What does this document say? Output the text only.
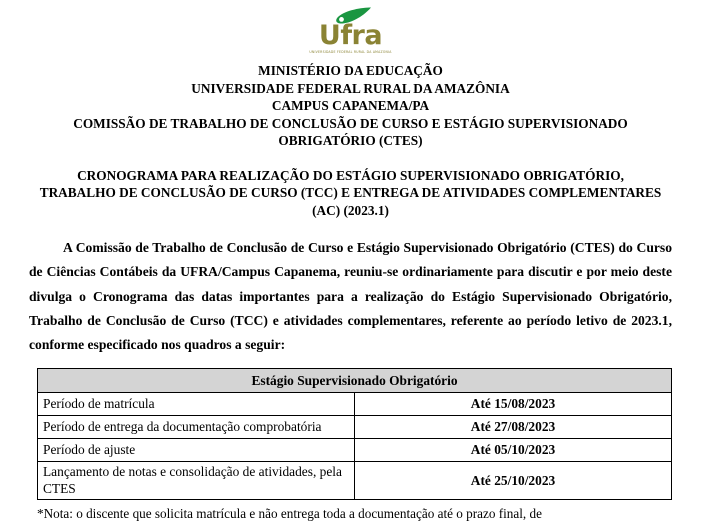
Ufra
UNIVERSIDADE FEDERAL RURAL DA AMAZÔNIA
MINISTÉRIO DA EDUCAÇÃO
UNIVERSIDADE FEDERAL RURAL DA AMAZÔNIA
CAMPUS CAPANEMA/PA
COMISSÃO DE TRABALHO DE CONCLUSÃO DE CURSO E ESTÁGIO SUPERVISIONADO OBRIGATÓRIO (CTES)
CRONOGRAMA PARA REALIZAÇÃO DO ESTÁGIO SUPERVISIONADO OBRIGATÓRIO, TRABALHO DE CONCLUSÃO DE CURSO (TCC) E ENTREGA DE ATIVIDADES COMPLEMENTARES (AC) (2023.1)

A Comissão de Trabalho de Conclusão de Curso e Estágio Supervisionado Obrigatório (CTES) do Curso de Ciências Contábeis da UFRA/Campus Capanema, reuniu-se ordinariamente para discutir e por meio deste divulga o Cronograma das datas importantes para a realização do Estágio Supervisionado Obrigatório, Trabalho de Conclusão de Curso (TCC) e atividades complementares, referente ao período letivo de 2023.1, conforme especificado nos quadros a seguir:

Estágio Supervisionado Obrigatório	
Período de matrícula	Até 15/08/2023
Período de entrega da documentação comprobatória	Até 27/08/2023
Período de ajuste	Até 05/10/2023
Lançamento de notas e consolidação de atividades, pela CTES	Até 25/10/2023

*Nota: o discente que solicita matrícula e não entrega toda a documentação até o prazo final, de
